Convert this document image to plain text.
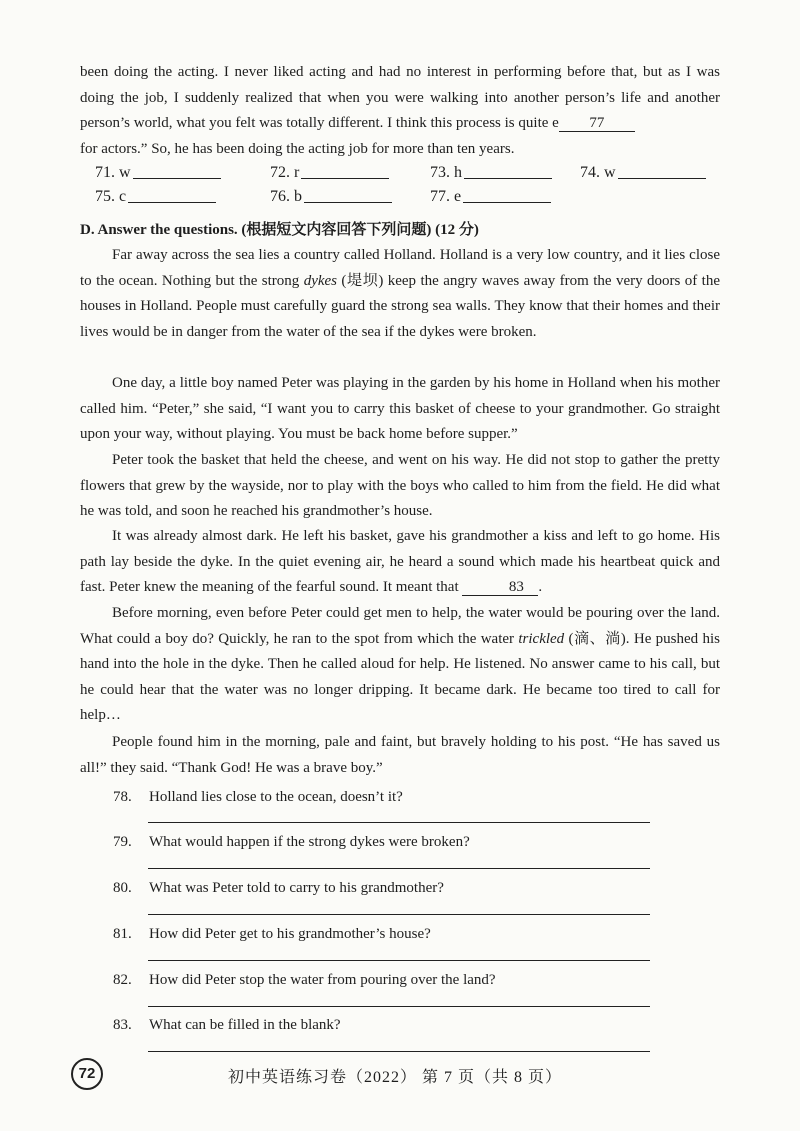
been doing the acting. I never liked acting and had no interest in performing before that, but as I was doing the job, I suddenly realized that when you were walking into another person’s life and another person’s world, what you felt was totally different. I think this process is quite e 77
for actors.” So, he has been doing the acting job for more than ten years.

71. w	72. r	73. h	74. w
75. c	76. b	77. e
D. Answer the questions. (根据短文内容回答下列问题) (12 分)

Far away across the sea lies a country called Holland. Holland is a very low country, and it lies close to the ocean. Nothing but the strong dykes (堤坝) keep the angry waves away from the very doors of the houses in Holland. People must carefully guard the strong sea walls. They know that their homes and their lives would be in danger from the water of the sea if the dykes were broken.

One day, a little boy named Peter was playing in the garden by his home in Holland when his mother called him. “Peter,” she said, “I want you to carry this basket of cheese to your grandmother. Go straight upon your way, without playing. You must be back home before supper.”

Peter took the basket that held the cheese, and went on his way. He did not stop to gather the pretty flowers that grew by the wayside, nor to play with the boys who called to him from the field. He did what he was told, and soon he reached his grandmother’s house.

It was already almost dark. He left his basket, gave his grandmother a kiss and left to go home. His path lay beside the dyke. In the quiet evening air, he heard a sound which made his heartbeat quick and fast. Peter knew the meaning of the fearful sound. It meant that	83 .

Before morning, even before Peter could get men to help, the water would be pouring over the land. What could a boy do? Quickly, he ran to the spot from which the water trickled (滴、淌). He pushed his hand into the hole in the dyke. Then he called aloud for help. He listened. No answer came to his call, but he could hear that the water was no longer dripping. It became dark. He became too tired to call for help…

People found him in the morning, pale and faint, but bravely holding to his post. “He has saved us all!” they said. “Thank God! He was a brave boy.”

78. Holland lies close to the ocean, doesn’t it?
79. What would happen if the strong dykes were broken?
80. What was Peter told to carry to his grandmother?
81. How did Peter get to his grandmother’s house?
82. How did Peter stop the water from pouring over the land?
83. What can be filled in the blank?
72	初中英语练习卷（2022） 第 7 页（共 8 页）
